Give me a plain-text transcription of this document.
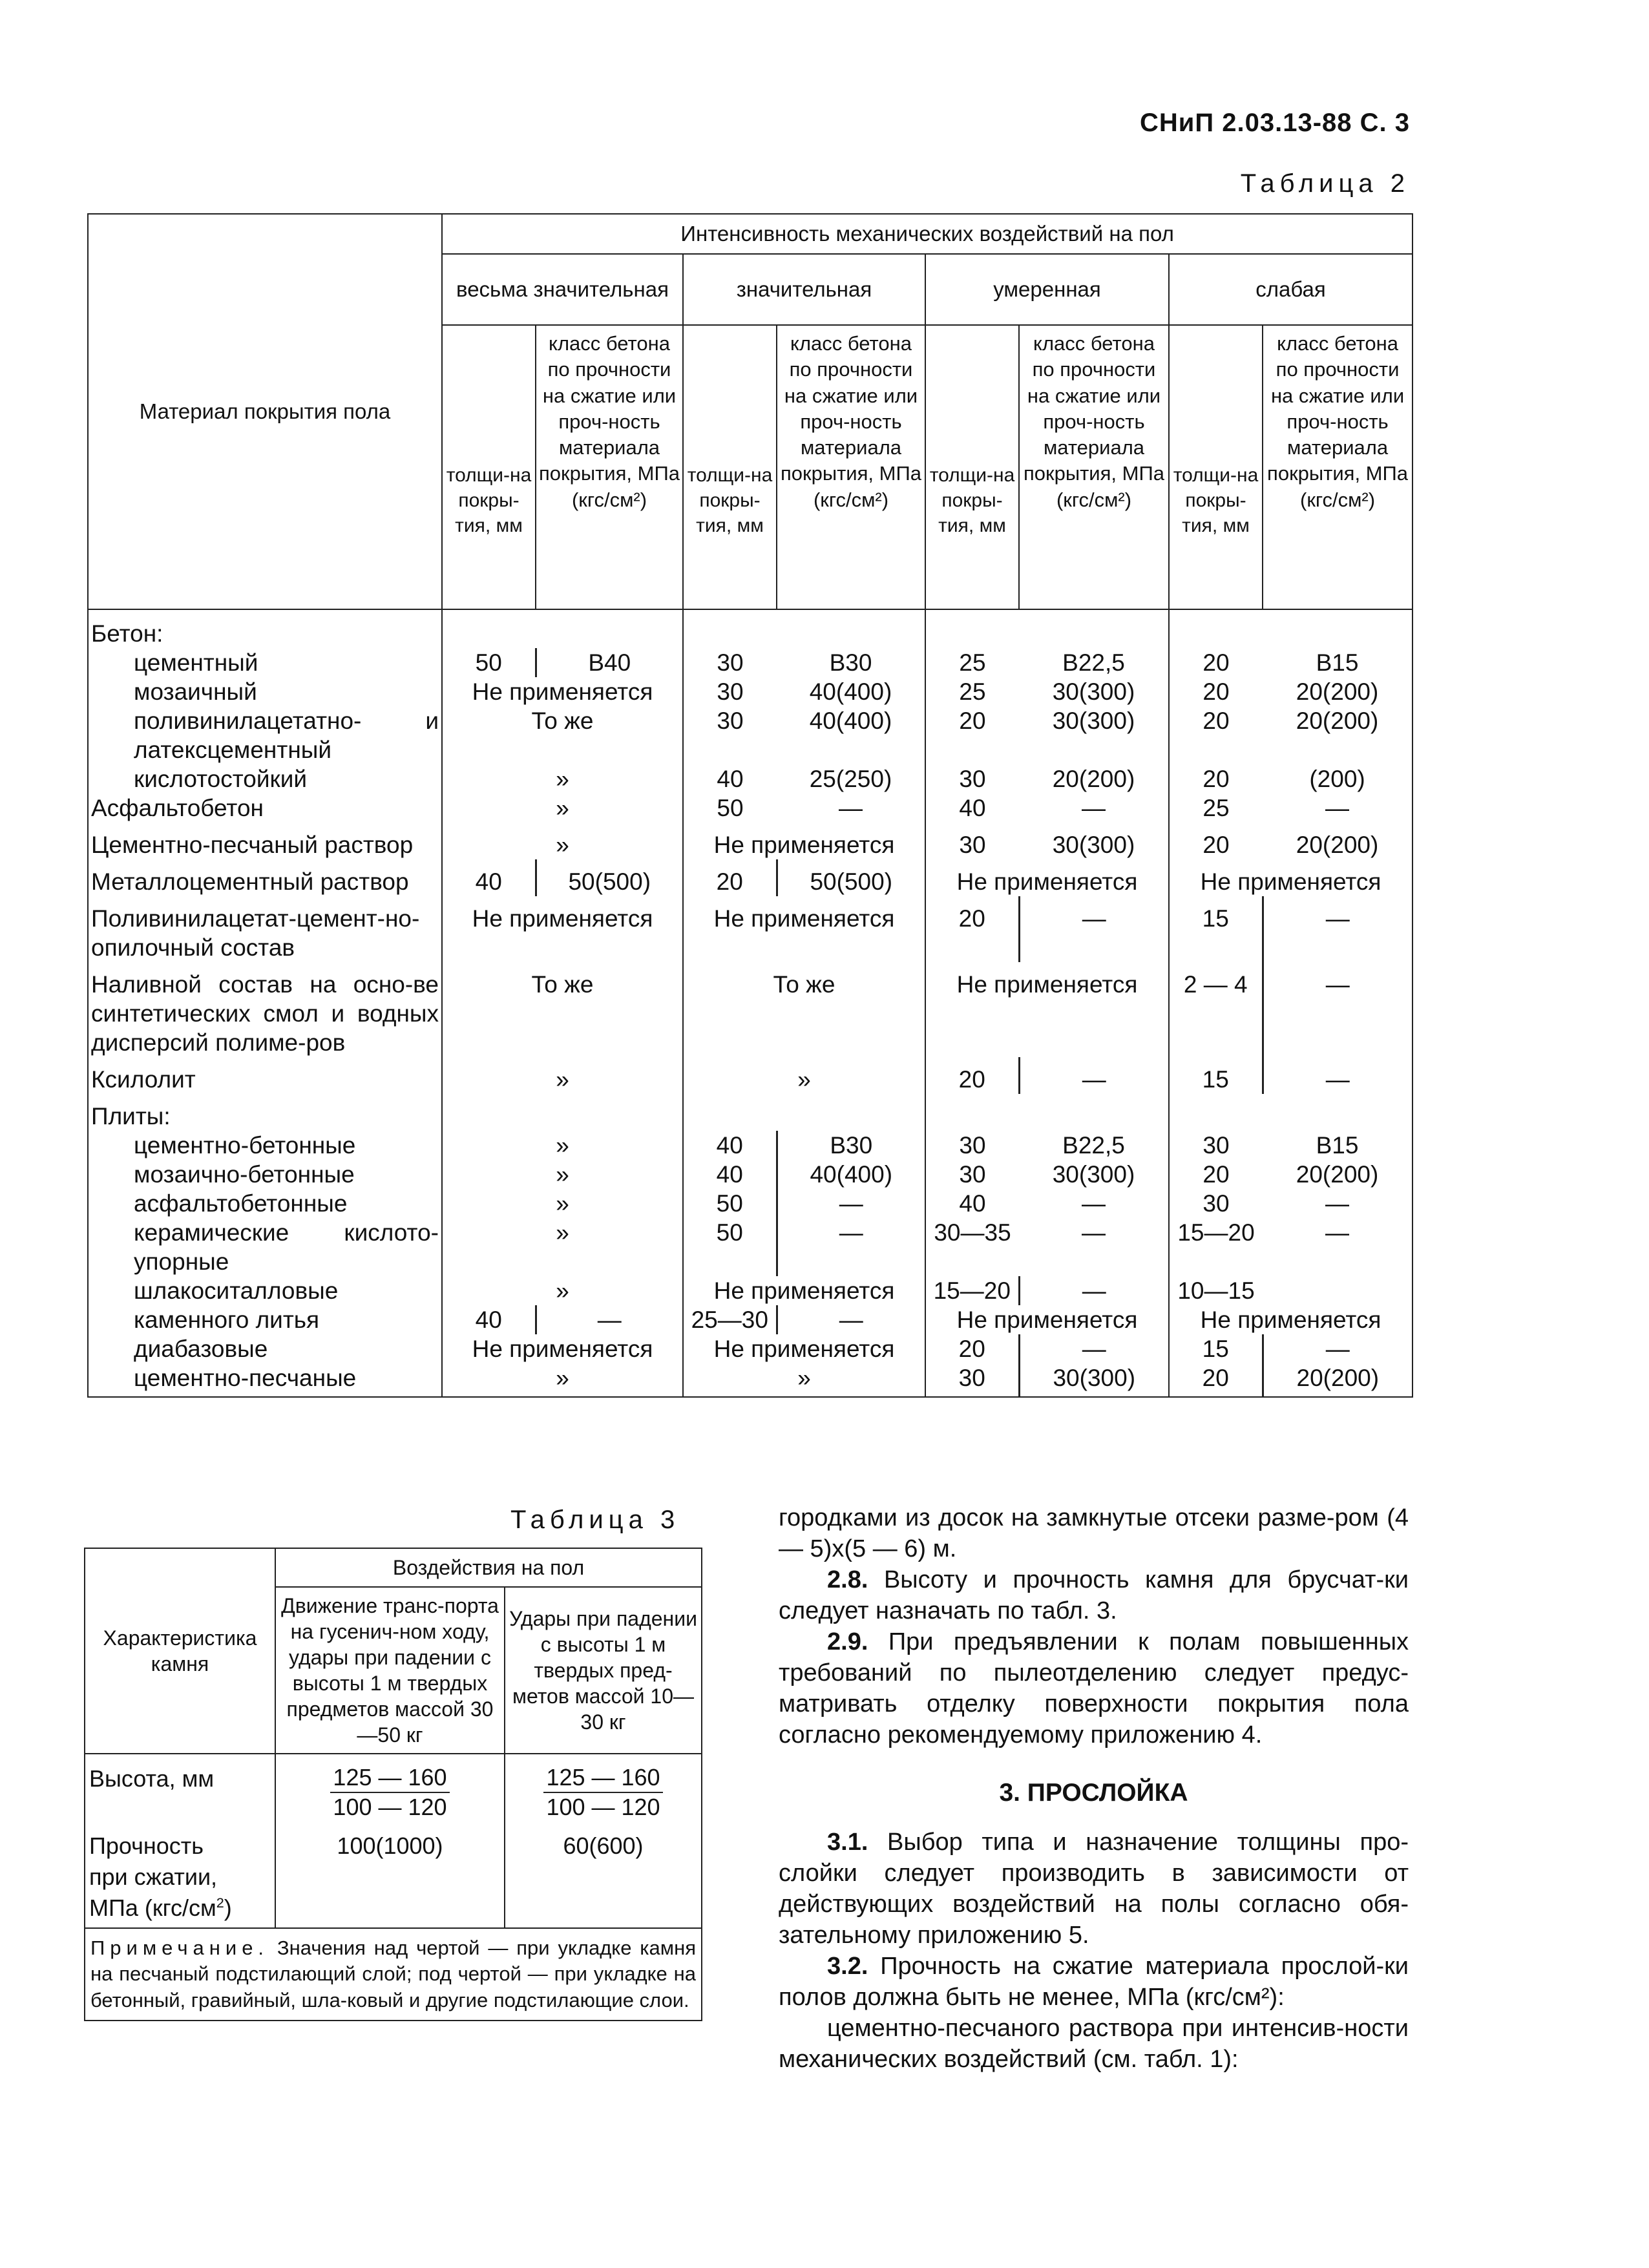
СНиП 2.03.13-88 С. 3
Таблица 2
Материал покрытия пола	Интенсивность механических воздействий на пол							
	весьма значительная		значительная		умеренная		слабая	
	толщи-на покры-тия, мм	класс бетона по прочности на сжатие или проч-ность материала покрытия, МПа (кгс/см²)	толщи-на покры-тия, мм	класс бетона по прочности на сжатие или проч-ность материала покрытия, МПа (кгс/см²)	толщи-на покры-тия, мм	класс бетона по прочности на сжатие или проч-ность материала покрытия, МПа (кгс/см²)	толщи-на покры-тия, мм	класс бетона по прочности на сжатие или проч-ность материала покрытия, МПа (кгс/см²)
Бетон:								
цементный	50	В40	30	В30	25	В22,5	20	В15
мозаичный	Не применяется		30	40(400)	25	30(300)	20	20(200)
поливинилацетатно- и латексцементный	То же		30	40(400)	20	30(300)	20	20(200)
кислотостойкий	»		40	25(250)	30	20(200)	20	(200)
Асфальтобетон	»		50	—	40	—	25	—
Цементно-песчаный раствор	»		Не применяется		30	30(300)	20	20(200)
Металлоцементный раствор	40	50(500)	20	50(500)	Не применяется		Не применяется	
Поливинилацетат-цемент-но-опилочный состав	Не применяется		Не применяется		20	—	15	—
Наливной состав на осно-ве синтетических смол и водных дисперсий полиме-ров	То же		То же		Не применяется		2 — 4	—
Ксилолит	»		»		20	—	15	—
Плиты:								
цементно-бетонные	»		40	В30	30	В22,5	30	В15
мозаично-бетонные	»		40	40(400)	30	30(300)	20	20(200)
асфальтобетонные	»		50	—	40	—	30	—
керамические кислото-упорные	»		50	—	30—35	—	15—20	—
шлакоситалловые	»		Не применяется		15—20	—	10—15	
каменного литья	40	—	25—30	—	Не применяется		Не применяется	
диабазовые	Не применяется		Не применяется		20	—	15	—
цементно-песчаные	»		»		30	30(300)	20	20(200)
Таблица 3
Характеристика камня	Воздействия на пол	
	Движение транс-порта на гусенич-ном ходу, удары при падении с высоты 1 м твердых предметов массой 30—50 кг	Удары при падении с высоты 1 м твердых пред-метов массой 10—30 кг
Высота, мм	$\frac{125 — 160}{100 — 120}$	$\frac{125 — 160}{100 — 120}$

Прочность
при сжатии,
МПа $(кгс/см^2)$	100(1000)	60(600)
Примечание. Значения над чертой — при укладке камня на песчаный подстилающий слой; под чертой — при укладке на бетонный, гравийный, шла-ковый и другие подстилающие слои.		

городками из досок на замкнутые отсеки разме-ром (4 — 5)х(5 — 6) м.

2.8. Высоту и прочность камня для брусчат-ки следует назначать по табл. 3.

2.9. При предъявлении к полам повышенных требований по пылеотделению следует предус-матривать отделку поверхности покрытия пола согласно рекомендуемому приложению 4.

3. ПРОСЛОЙКА

3.1. Выбор типа и назначение толщины про-слойки следует производить в зависимости от действующих воздействий на полы согласно обя-зательному приложению 5.

3.2. Прочность на сжатие материала прослой-ки полов должна быть не менее, МПа (кгс/см²):

цементно-песчаного раствора при интенсив-ности механических воздействий (см. табл. 1):
